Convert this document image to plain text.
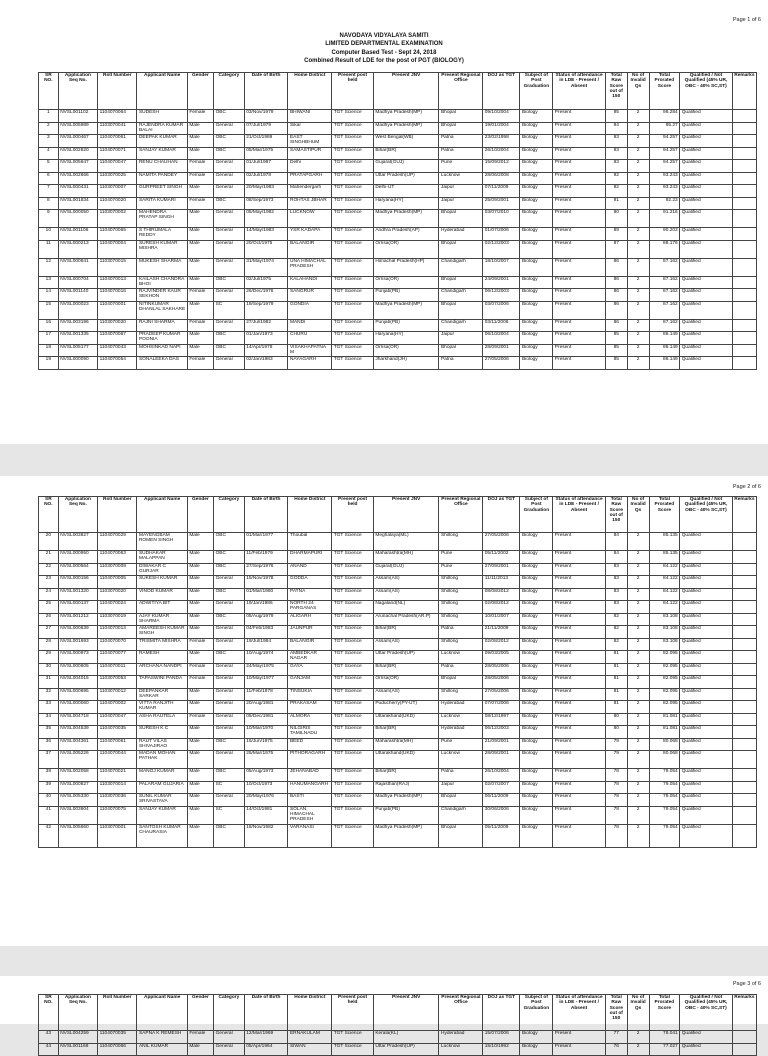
Page 1 of 6
NAVODAYA VIDYALAYA SAMITI
LIMITED DEPARTMENTAL EXAMINATION
Computer Based Test - Sept 24, 2018
Combined Result of LDE for the post of PGT (BIOLOGY)
SR NO.	Application Seq No.	Roll Number	Applicant Name	Gender	Category	Date of Birth	Home District	Present post held	Present JNV	Present Regional Office	DOJ as TGT	Subject of Post Graduation	Status of attendance in LDE - Present / Absent	Total Raw Score out of 150	No of Invalid Qs	Total Prorated Score	Qualified / Not Qualified (45% UR, OBC - 40% SC,ST)	Remarks
1	NVSL001102	1104070064	SUDESH	Female	OBC	03/Nov/1979	BHIWANI	TGT Science	Madhya Pradesh(MP)	Bhopal	09/10/2004	Biology	Present	95	2	96.284	Qualified	
2	NVSL005989	1103070041	RAJENDRA KUMAR BALAI	Male	General	07/Jul/1979	Sikar	TGT Science	Madhya Pradesh(MP)	Bhopal	19/01/2004	Biology	Present	94	2	95.27	Qualified	
3	NVSL000467	1104070061	DEEPAK KUMAR	Male	OBC	21/Oct/1989	EAST SINGHBHUM	TGT Science	West Bengal(WB)	Patna	23/02/1998	Biology	Present	93	2	94.257	Qualified	
4	NVSL002820	1104070071	SANJAY KUMAR	Male	OBC	05/Mar/1975	SAMASTIPUR	TGT Science	Bihar(BR)	Patna	26/10/2004	Biology	Present	93	2	94.257	Qualified	
5	NVSL005647	1104070047	RENU CHAUHAN	Female	General	01/Jul/1987	Delhi	TGT Science	Gujarat(GUJ)	Pune	15/09/2012	Biology	Present	93	2	94.257	Qualified	
6	NVSL002666	1103070025	NAMITA PANDEY	Female	General	02/Jul/1978	PRATAPGARH	TGT Science	Uttar Pradesh(UP)	Lucknow	28/06/2008	Biology	Present	92	2	93.243	Qualified	
7	NVSL000431	1103070007	GURPREET SINGH	Male	General	20/May/1983	Mahendergarh	TGT Science	Delhi-UT	Jaipur	07/11/2009	Biology	Present	92	2	93.243	Qualified	
8	NVSL001834	1104070020	SARITA KUMARI	Female	OBC	08/Sep/1973	ROHTAS JBHAR	TGT Science	Haryana(HY)	Jaipur	25/09/2001	Biology	Present	91	2	92.23	Qualified	
9	NVSL000050	1103070002	MAHENDRA PRATAP SINGH	Male	General	05/May/1982	LUCKNOW	TGT Science	Madhya Pradesh(MP)	Bhopal	03/07/2010	Biology	Present	90	2	91.216	Qualified	
10	NVSL001106	1104070065	S THIRUMALA REDDY	Male	General	14/May/1983	YSR KADAPA	TGT Science	Andhra Pradesh(AP)	Hyderabad	01/07/2006	Biology	Present	89	2	90.203	Qualified	
11	NVSL000213	1104070004	SURESH KUMAR MISHRA	Male	General	20/Oct/1975	BALANGIR	TGT Science	Orrisa(OR)	Bhopal	02/12/2003	Biology	Present	87	2	88.176	Qualified	
12	NVSL000841	1103070015	MUKESH SHARMA	Male	General	31/May/1974	UNA HIMACHAL PRADESH	TGT Science	Himachal Pradesh(HP)	Chandigarh	18/10/2007	Biology	Present	86	2	87.162	Qualified	
13	NVSL000704	1104070013	KAILASH CHANDRA BHOI	Male	OBC	02/Jul/1975	KALAHANDI	TGT Science	Orrisa(OR)	Bhopal	24/09/2001	Biology	Present	86	2	87.162	Qualified	
14	NVSL001140	1104070016	RAJVINDER KAUR SEKHON	Female	General	26/Dec/1976	SANGRUR	TGT Science	Punjab(PB)	Chandigarh	06/12/2003	Biology	Present	86	2	87.162	Qualified	
15	NVSL000023	1104070001	NITINKUMAR DHANLAL SAKHARE	Male	SC	19/Sep/1979	GONDIA	TGT Science	Madhya Pradesh(MP)	Bhopal	03/07/2006	Biology	Present	86	2	87.162	Qualified	
16	NVSL003196	1103070020	RAJNI SHARMA	Female	General	27/Jul/1982	MANDI	TGT Science	Punjab(PB)	Chandigarh	03/11/2006	Biology	Present	86	2	87.162	Qualified	
17	NVSL001335	1104070067	PRADEEP KUMAR POONIA	Male	OBC	01/Jan/1973	CHURU	TGT Science	Haryana(HY)	Jaipur	06/10/2004	Biology	Present	85	2	86.149	Qualified	
18	NVSL005177	1104070043	MOHSINKAD NAPI	Male	OBC	14/Apr/1978	VISAKHAPATNAM	TGT Science	Orrisa(OR)	Bhopal	28/09/2001	Biology	Present	85	2	86.149	Qualified	
19	NVSL000090	1104070054	SONALEEKA DAS	Female	General	02/Jan/1983	NAYAGARH	TGT Science	Jharkhand(JH)	Patna	27/05/2006	Biology	Present	85	2	86.149	Qualified	
Page 2 of 6
SR NO.	Application Seq No.	Roll Number	Applicant Name	Gender	Category	Date of Birth	Home District	Present post held	Present JNV	Present Regional Office	DOJ as TGT	Subject of Post Graduation	Status of attendance in LDE - Present / Absent	Total Raw Score out of 150	No of Invalid Qs	Total Prorated Score	Qualified / Not Qualified (45% UR, OBC - 40% SC,ST)	Remarks
20	NVSL003827	1104070029	MAYENGBAM ROMEN SINGH	Male	OBC	01/Mar/1977	Thoubal	TGT Science	Meghalaya(ML)	Shillong	27/05/2006	Biology	Present	84	2	85.135	Qualified	
21	NVSL000950	1104070063	SUDHAKAR MALAPPAN	Male	OBC	11/Feb/1979	DHARMAPURI	TGT Science	Maharashtra(MH)	Pune	05/11/2002	Biology	Present	84	2	85.135	Qualified	
22	NVSL000564	1103070009	DIWAKAR C GURJAR	Male	OBC	27/Sep/1976	ANAND	TGT Science	Gujarat(GUJ)	Pune	27/09/2001	Biology	Present	83	2	84.122	Qualified	
23	NVSL000156	1104070005	SUKESH KUMAR	Male	General	15/Nov/1978	GODDA	TGT Science	Assam(AS)	Shillong	11/11/2013	Biology	Present	83	2	84.122	Qualified	
24	NVSL001320	1103070020	VINOD KUMAR	Male	OBC	01/Mar/1980	PATNA	TGT Science	Assam(AS)	Shillong	08/08/2012	Biology	Present	83	2	84.122	Qualified	
25	NVSL000137	1104070024	ADWITIYA BIT	Male	General	19/Jan/1986	NORTH 24 PARGANAS	TGT Science	Nagaland(NL)	Shillong	02/08/2012	Biology	Present	83	2	84.122	Qualified	
26	NVSL001212	1103070019	AJAY KUMAR SHARMA	Male	OBC	05/Aug/1979	ALIGARH	TGT Science	Arunachal Pradesh(AR.P)	Shillong	10/01/2007	Biology	Present	82	2	83.108	Qualified	
27	NVSL000639	1104070013	AMAREESH KUMAR SINGH	Male	General	04/Feb/1983	JAUNPUR	TGT Science	Bihar(BR)	Patna	21/11/2009	Biology	Present	82	2	83.108	Qualified	
28	NVSL001693	1104070070	TRISMITA MISHRA	Female	General	19/Jul/1984	BALANGIR	TGT Science	Assam(AS)	Shillong	02/08/2012	Biology	Present	82	2	83.108	Qualified	
29	NVSL000973	1104070077	RAMESH	Male	OBC	10/Aug/1974	AMBEDKAR NAGAR	TGT Science	Uttar Pradesh(UP)	Lucknow	09/03/2005	Biology	Present	81	2	82.095	Qualified	
30	NVSL000605	1104070011	ARCHANA NANDPI	Female	General	24/May/1975	GAYA	TGT Science	Bihar(BR)	Patna	28/05/2006	Biology	Present	81	2	82.095	Qualified	
31	NVSL004015	1103070053	TAPASWINI PANDA	Female	General	10/May/1977	GANJAM	TGT Science	Orrisa(OR)	Bhopal	28/05/2006	Biology	Present	81	2	82.095	Qualified	
32	NVSL000695	1103070012	DEEPANKAR SARKAR	Male	General	11/Feb/1978	TINSUKIA	TGT Science	Assam(AS)	Shillong	27/05/2006	Biology	Present	81	2	82.095	Qualified	
33	NVSL000060	1104070002	VITTA RANJITH KUMAR	Male	General	20/Aug/1981	PRAKASAM	TGT Science	Puducherry(PY-UT)	Hyderabad	07/07/2006	Biology	Present	81	2	82.095	Qualified	
34	NVSL004718	1104070047	ASHA RAUTELA	Female	General	05/Dec/1981	ALMORA	TGT Science	Uttarakhand(UKD)	Lucknow	08/12/1997	Biology	Present	80	2	81.081	Qualified	
35	NVSL004539	1104070035	SURESH K C	Male	General	10/Mar/1970	NILGIRIS TAMILNADU	TGT Science	Bihar(BR)	Hyderabad	06/12/2003	Biology	Present	80	2	81.081	Qualified	
36	NVSL004361	1104070061	RAUT VILAS SHIVAJIRAO	Male	OBC	15/Jun/1975	BEED	TGT Science	Maharashtra(MH)	Pune	21/09/2001	Biology	Present	79	2	80.068	Qualified	
37	NVSL005226	1104070044	MADAN MOHAN PATHAK	Male	General	25/Mar/1975	PITHORAGARH	TGT Science	Uttarakhand(UKD)	Lucknow	28/09/2001	Biology	Present	79	2	80.068	Qualified	
38	NVSL002058	1104070021	MANOJ KUMAR	Male	OBC	05/Aug/1973	JEHANABAD	TGT Science	Bihar(BR)	Patna	26/10/2004	Biology	Present	78	2	79.054	Qualified	
39	NVSL000827	1103070014	PALARAM GUJARIA	Male	SC	10/Oct/1973	HANUMANGARH	TGT Science	Rajasthan(RAJ)	Jaipur	02/07/2007	Biology	Present	78	2	79.054	Qualified	
40	NVSL005330	1103070036	SUNIL KUMAR SRIVASTAVA	Male	General	20/May/1976	BASTI	TGT Science	Madhya Pradesh(MP)	Bhopal	06/11/2009	Biology	Present	78	2	79.054	Qualified	
41	NVSL003604	1104070075	SANJAY KUMAR	Male	SC	14/Oct/1981	SOLAN, HIMACHAL PRADESH	TGT Science	Punjab(PB)	Chandigarh	30/06/2006	Biology	Present	78	2	79.054	Qualified	
42	NVSL005660	1103070001	SANTOSH KUMAR CHAURASIA	Male	OBC	18/Nov/1982	VARANASI	TGT Science	Madhya Pradesh(MP)	Bhopal	05/11/2009	Biology	Present	78	2	79.054	Qualified	
Page 3 of 6
SR NO.	Application Seq No.	Roll Number	Applicant Name	Gender	Category	Date of Birth	Home District	Present post held	Present JNV	Present Regional Office	DOJ as TGT	Subject of Post Graduation	Status of attendance in LDE - Present / Absent	Total Raw Score out of 150	No of Invalid Qs	Total Prorated Score	Qualified / Not Qualified (45% UR, OBC - 40% SC,ST)	Remarks
43	NVSL004259	1104070035	SAPNA K REMESH	Female	General	12/Mar/1969	ERNAKULAM	TGT Science	Kerala(KL)	Hyderabad	15/07/2006	Biology	Present	77	2	78.041	Qualified	
44	NVSL001168	1104070066	ANIL KUMAR	Male	General	05/Apr/1964	SIWAN	TGT Science	Uttar Pradesh(UP)	Lucknow	15/10/1992	Biology	Present	76	2	77.027	Qualified	
